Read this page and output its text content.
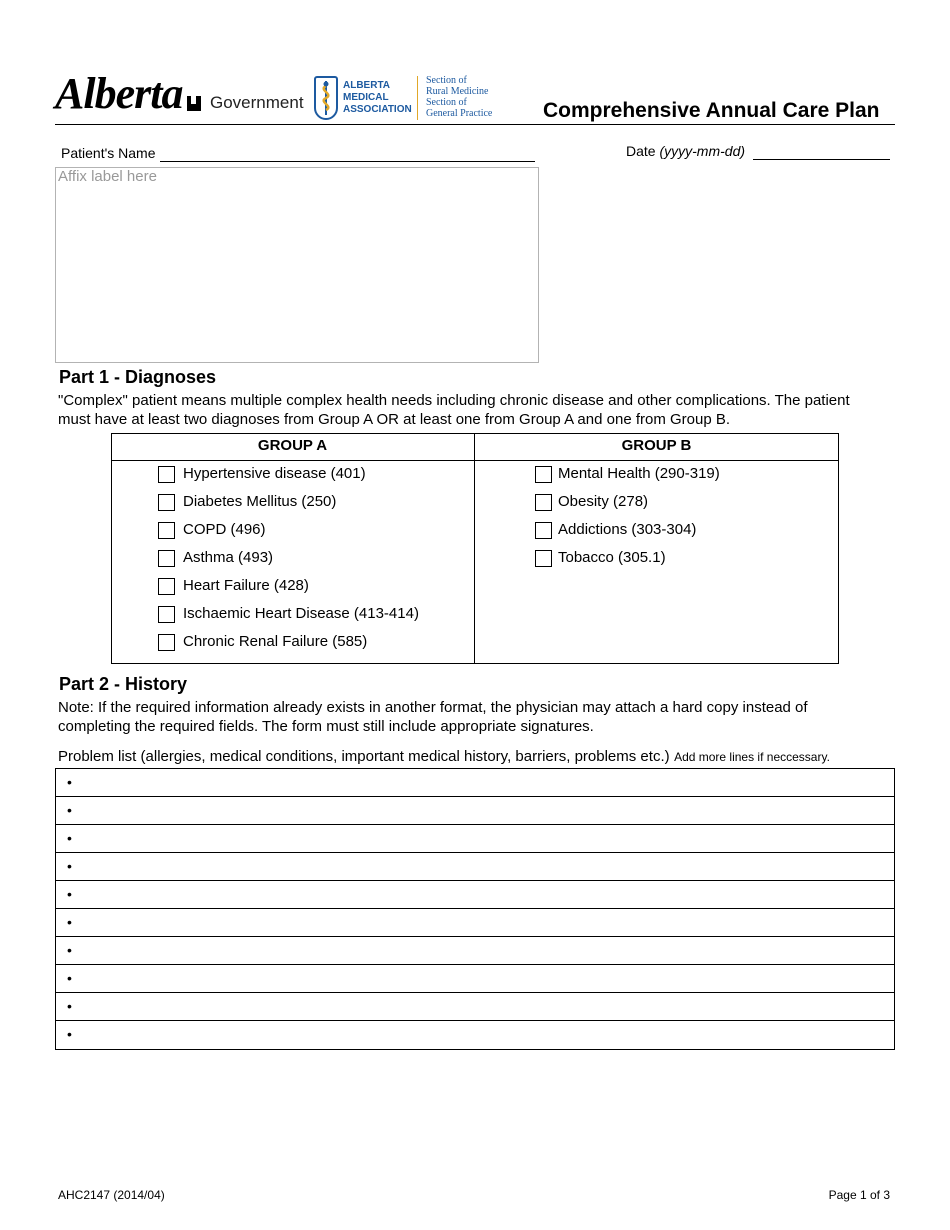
Alberta Government
ALBERTA
MEDICAL
ASSOCIATION
Section of
Rural Medicine
Section of
General Practice Comprehensive Annual Care Plan
Patient's Name	Date (yyyy-mm-dd)
Affix label here
Part 1 - Diagnoses
"Complex" patient means multiple complex health needs including chronic disease and other complications. The patient
must have at least two diagnoses from Group A OR at least one from Group A and one from Group B.
GROUP A	GROUP B
Hypertensive disease (401)
Diabetes Mellitus (250)
COPD (496)
Asthma (493)
Heart Failure (428)
Ischaemic Heart Disease (413-414)
Chronic Renal Failure (585)
Mental Health (290-319)
Obesity (278)
Addictions (303-304)
Tobacco (305.1)
Part 2 - History
Note: If the required information already exists in another format, the physician may attach a hard copy instead of
completing the required fields. The form must still include appropriate signatures.
Problem list (allergies, medical conditions, important medical history, barriers, problems etc.) Add more lines if neccessary.
•
•
•
•
•
•
•
•
•
•
AHC2147 (2014/04)	Page 1 of 3
